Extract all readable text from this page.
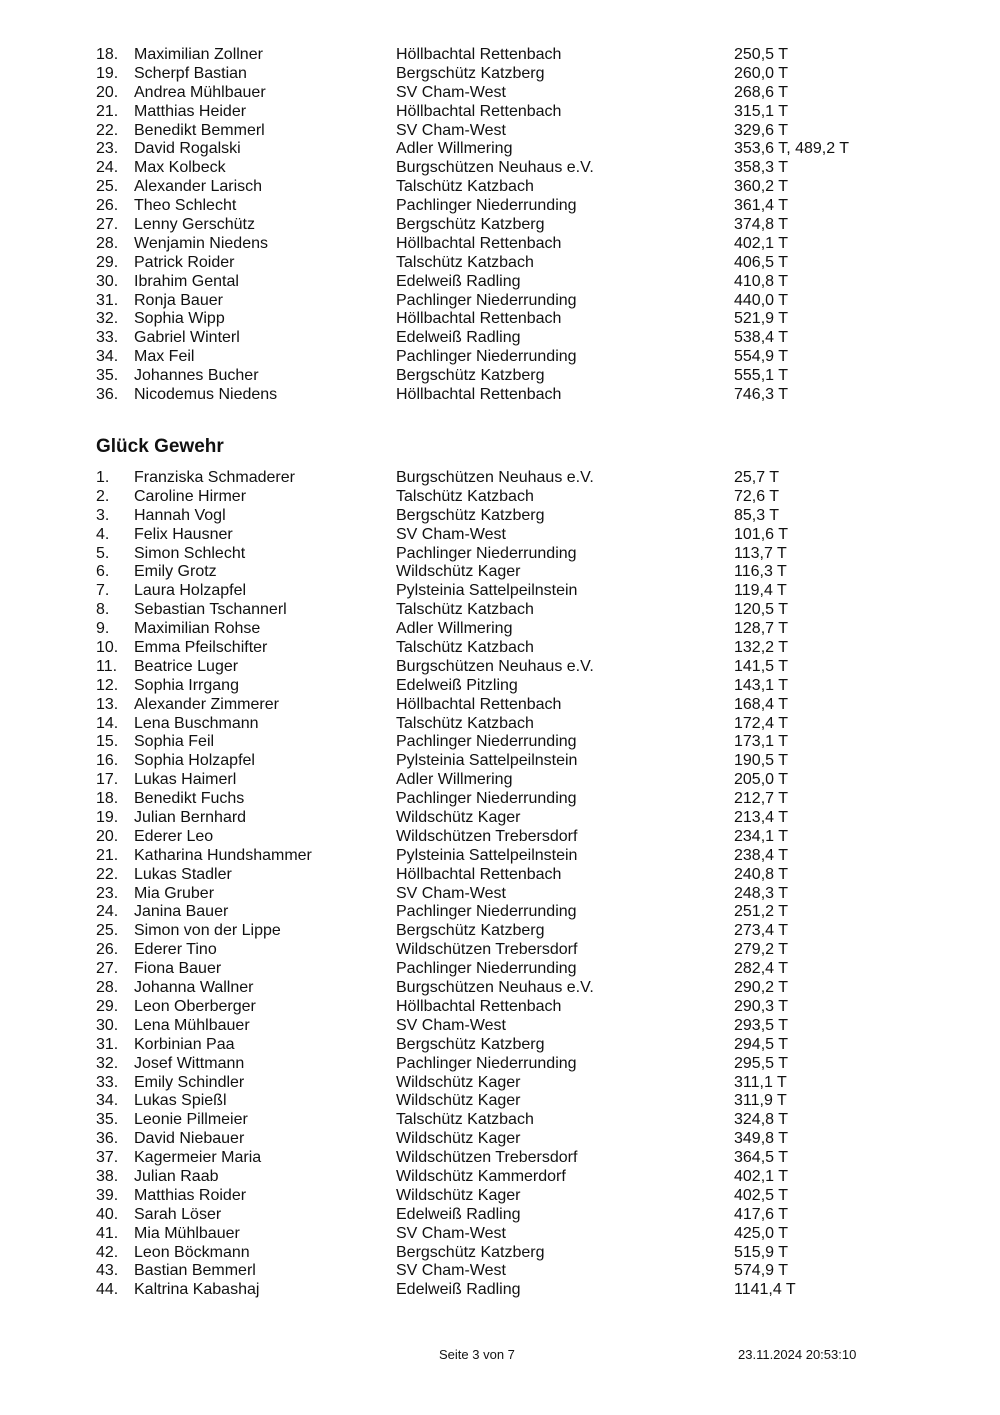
18. Maximilian Zollner	Höllbachtal Rettenbach	250,5 T
19. Scherpf Bastian	Bergschütz Katzberg	260,0 T
20. Andrea Mühlbauer	SV Cham-West	268,6 T
21. Matthias Heider	Höllbachtal Rettenbach	315,1 T
22. Benedikt Bemmerl	SV Cham-West	329,6 T
23. David Rogalski	Adler Willmering	353,6 T, 489,2 T
24. Max Kolbeck	Burgschützen Neuhaus e.V.	358,3 T
25. Alexander Larisch	Talschütz Katzbach	360,2 T
26. Theo Schlecht	Pachlinger Niederrunding	361,4 T
27. Lenny Gerschütz	Bergschütz Katzberg	374,8 T
28. Wenjamin Niedens	Höllbachtal Rettenbach	402,1 T
29. Patrick Roider	Talschütz Katzbach	406,5 T
30. Ibrahim Gental	Edelweiß Radling	410,8 T
31. Ronja Bauer	Pachlinger Niederrunding	440,0 T
32. Sophia Wipp	Höllbachtal Rettenbach	521,9 T
33. Gabriel Winterl	Edelweiß Radling	538,4 T
34. Max Feil	Pachlinger Niederrunding	554,9 T
35. Johannes Bucher	Bergschütz Katzberg	555,1 T
36. Nicodemus Niedens	Höllbachtal Rettenbach	746,3 T
Glück Gewehr
1. Franziska Schmaderer	Burgschützen Neuhaus e.V.	25,7 T
2. Caroline Hirmer	Talschütz Katzbach	72,6 T
3. Hannah Vogl	Bergschütz Katzberg	85,3 T
4. Felix Hausner	SV Cham-West	101,6 T
5. Simon Schlecht	Pachlinger Niederrunding	113,7 T
6. Emily Grotz	Wildschütz Kager	116,3 T
7. Laura Holzapfel	Pylsteinia Sattelpeilnstein	119,4 T
8. Sebastian Tschannerl	Talschütz Katzbach	120,5 T
9. Maximilian Rohse	Adler Willmering	128,7 T
10. Emma Pfeilschifter	Talschütz Katzbach	132,2 T
11. Beatrice Luger	Burgschützen Neuhaus e.V.	141,5 T
12. Sophia Irrgang	Edelweiß Pitzling	143,1 T
13. Alexander Zimmerer	Höllbachtal Rettenbach	168,4 T
14. Lena Buschmann	Talschütz Katzbach	172,4 T
15. Sophia Feil	Pachlinger Niederrunding	173,1 T
16. Sophia Holzapfel	Pylsteinia Sattelpeilnstein	190,5 T
17. Lukas Haimerl	Adler Willmering	205,0 T
18. Benedikt Fuchs	Pachlinger Niederrunding	212,7 T
19. Julian Bernhard	Wildschütz Kager	213,4 T
20. Ederer Leo	Wildschützen Trebersdorf	234,1 T
21. Katharina Hundshammer	Pylsteinia Sattelpeilnstein	238,4 T
22. Lukas Stadler	Höllbachtal Rettenbach	240,8 T
23. Mia Gruber	SV Cham-West	248,3 T
24. Janina Bauer	Pachlinger Niederrunding	251,2 T
25. Simon von der Lippe	Bergschütz Katzberg	273,4 T
26. Ederer Tino	Wildschützen Trebersdorf	279,2 T
27. Fiona Bauer	Pachlinger Niederrunding	282,4 T
28. Johanna Wallner	Burgschützen Neuhaus e.V.	290,2 T
29. Leon Oberberger	Höllbachtal Rettenbach	290,3 T
30. Lena Mühlbauer	SV Cham-West	293,5 T
31. Korbinian Paa	Bergschütz Katzberg	294,5 T
32. Josef Wittmann	Pachlinger Niederrunding	295,5 T
33. Emily Schindler	Wildschütz Kager	311,1 T
34. Lukas Spießl	Wildschütz Kager	311,9 T
35. Leonie Pillmeier	Talschütz Katzbach	324,8 T
36. David Niebauer	Wildschütz Kager	349,8 T
37. Kagermeier Maria	Wildschützen Trebersdorf	364,5 T
38. Julian Raab	Wildschütz Kammerdorf	402,1 T
39. Matthias Roider	Wildschütz Kager	402,5 T
40. Sarah Löser	Edelweiß Radling	417,6 T
41. Mia Mühlbauer	SV Cham-West	425,0 T
42. Leon Böckmann	Bergschütz Katzberg	515,9 T
43. Bastian Bemmerl	SV Cham-West	574,9 T
44. Kaltrina Kabashaj	Edelweiß Radling	1141,4 T
Seite 3 von 7	23.11.2024 20:53:10
